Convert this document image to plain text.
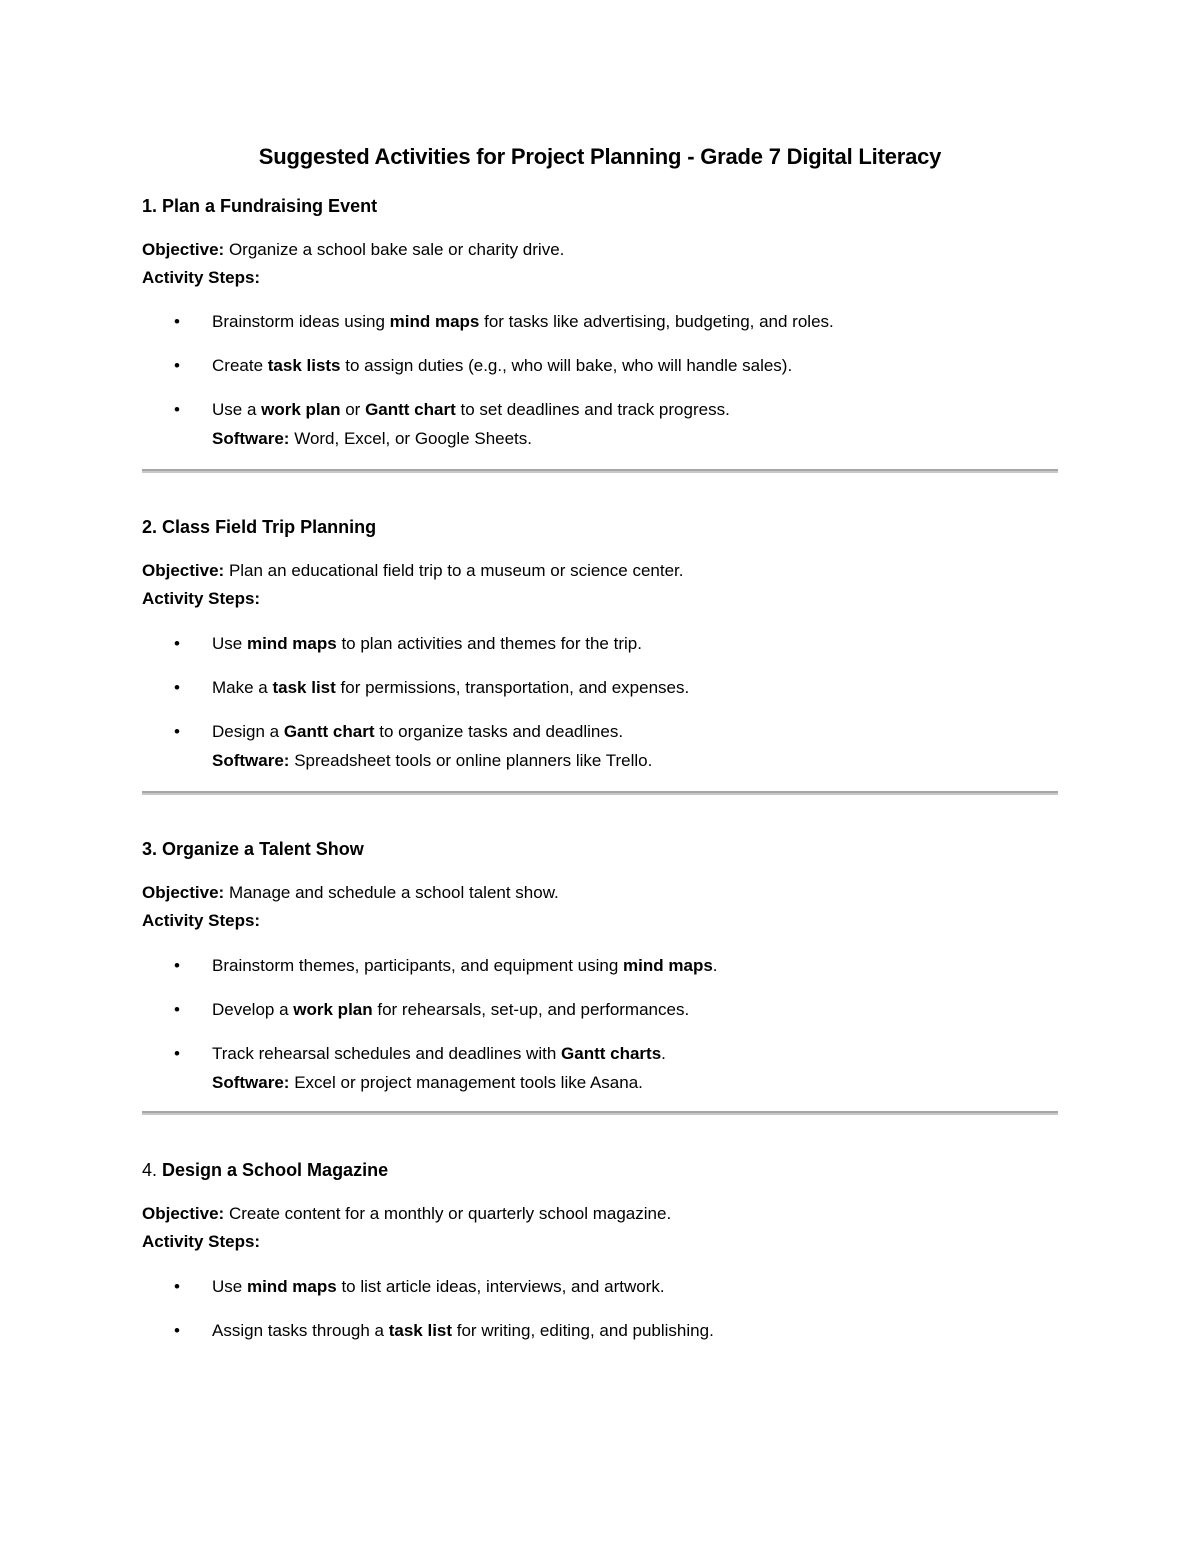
Suggested Activities for Project Planning - Grade 7 Digital Literacy
1. Plan a Fundraising Event
Objective: Organize a school bake sale or charity drive.
Activity Steps:
• Brainstorm ideas using mind maps for tasks like advertising, budgeting, and roles.
• Create task lists to assign duties (e.g., who will bake, who will handle sales).
• Use a work plan or Gantt chart to set deadlines and track progress.
Software: Word, Excel, or Google Sheets.
2. Class Field Trip Planning
Objective: Plan an educational field trip to a museum or science center.
Activity Steps:
• Use mind maps to plan activities and themes for the trip.
• Make a task list for permissions, transportation, and expenses.
• Design a Gantt chart to organize tasks and deadlines.
Software: Spreadsheet tools or online planners like Trello.
3. Organize a Talent Show
Objective: Manage and schedule a school talent show.
Activity Steps:
• Brainstorm themes, participants, and equipment using mind maps.
• Develop a work plan for rehearsals, set-up, and performances.
• Track rehearsal schedules and deadlines with Gantt charts.
Software: Excel or project management tools like Asana.
4. Design a School Magazine
Objective: Create content for a monthly or quarterly school magazine.
Activity Steps:
• Use mind maps to list article ideas, interviews, and artwork.
• Assign tasks through a task list for writing, editing, and publishing.
